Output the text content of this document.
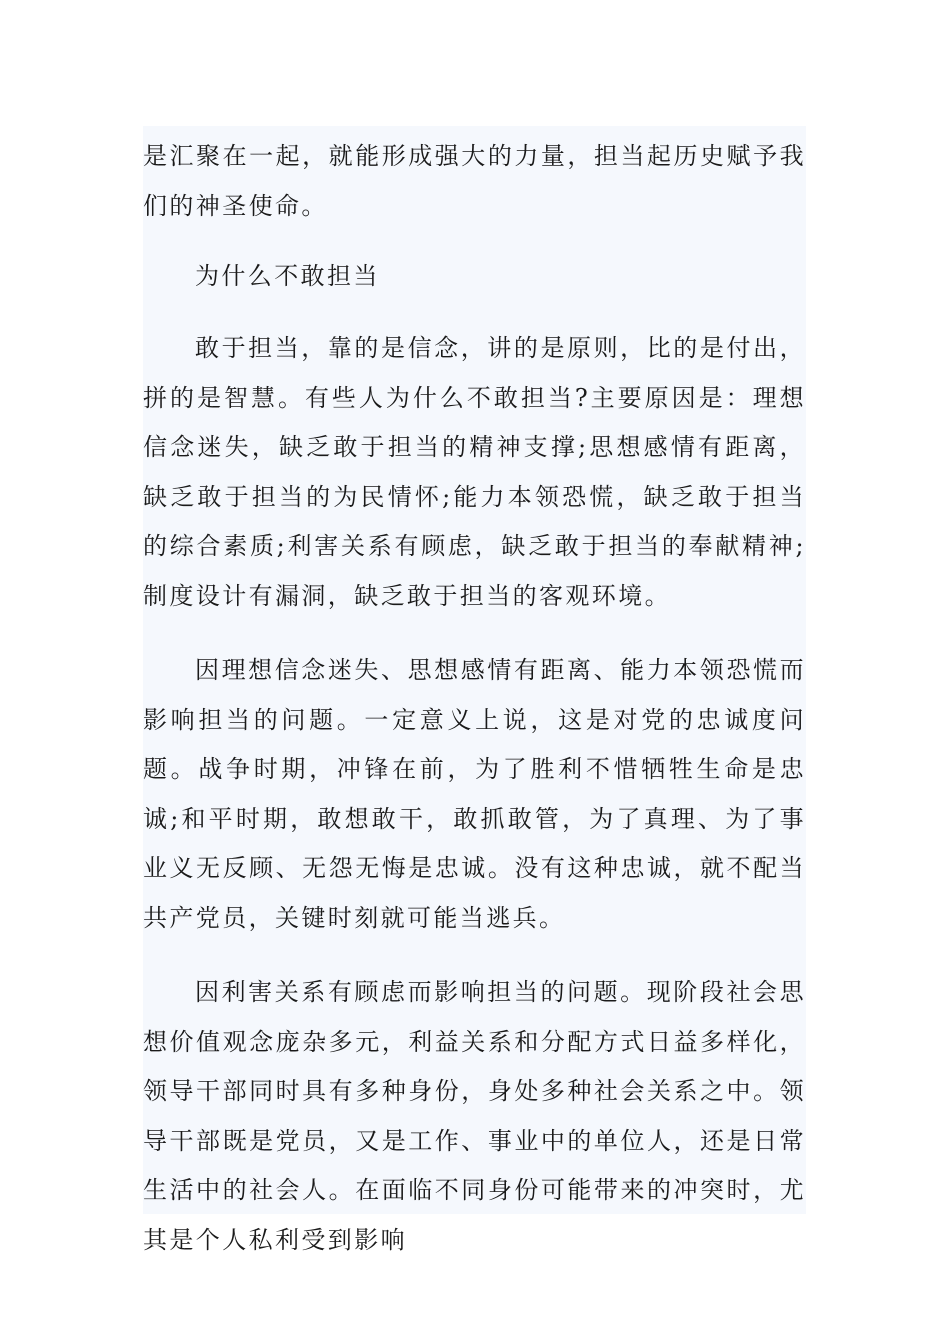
是汇聚在一起，就能形成强大的力量，担当起历史赋予我们的神圣使命。

为什么不敢担当

敢于担当，靠的是信念，讲的是原则，比的是付出，拼的是智慧。有些人为什么不敢担当?主要原因是：理想信念迷失，缺乏敢于担当的精神支撑;思想感情有距离，缺乏敢于担当的为民情怀;能力本领恐慌，缺乏敢于担当的综合素质;利害关系有顾虑，缺乏敢于担当的奉献精神;制度设计有漏洞，缺乏敢于担当的客观环境。

因理想信念迷失、思想感情有距离、能力本领恐慌而影响担当的问题。一定意义上说，这是对党的忠诚度问题。战争时期，冲锋在前，为了胜利不惜牺牲生命是忠诚;和平时期，敢想敢干，敢抓敢管，为了真理、为了事业义无反顾、无怨无悔是忠诚。没有这种忠诚，就不配当共产党员，关键时刻就可能当逃兵。

因利害关系有顾虑而影响担当的问题。现阶段社会思想价值观念庞杂多元，利益关系和分配方式日益多样化，领导干部同时具有多种身份，身处多种社会关系之中。领导干部既是党员，又是工作、事业中的单位人，还是日常生活中的社会人。在面临不同身份可能带来的冲突时，尤其是个人私利受到影响
